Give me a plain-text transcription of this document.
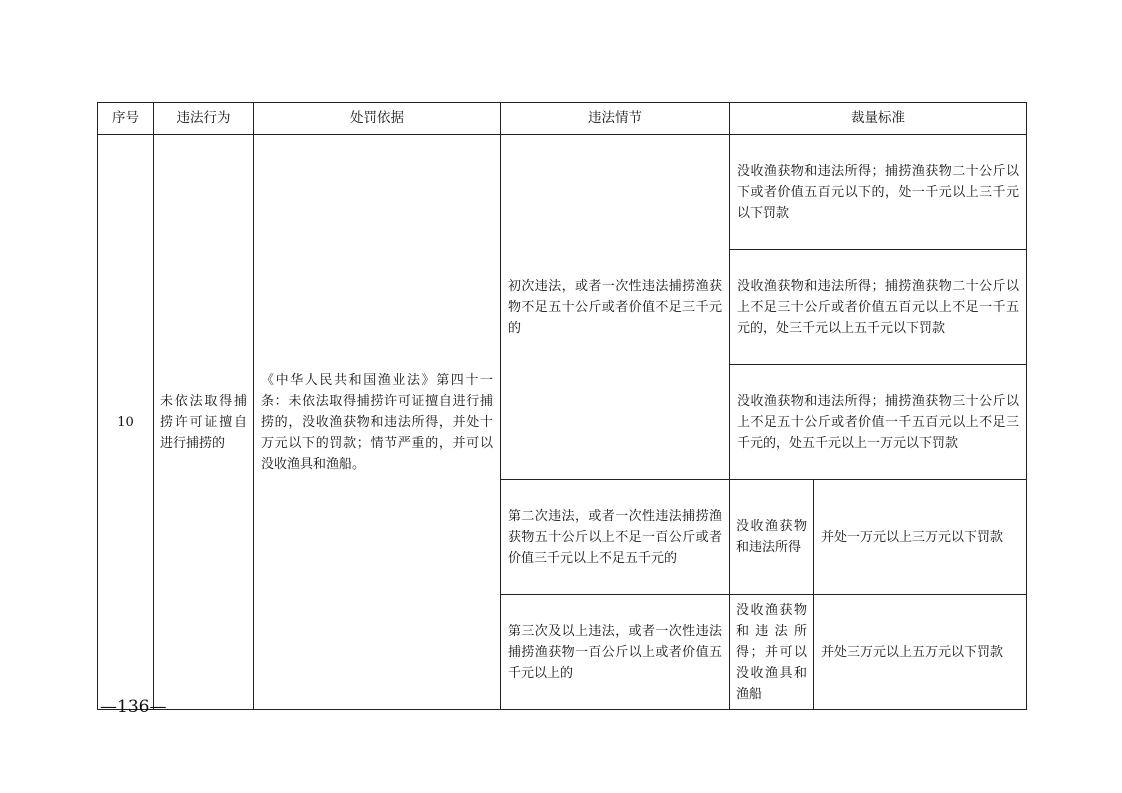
序号	违法行为	处罚依据	违法情节	裁量标准	
10	未依法取得捕捞许可证擅自进行捕捞的	《中华人民共和国渔业法》第四十一条：未依法取得捕捞许可证擅自进行捕捞的，没收渔获物和违法所得，并处十万元以下的罚款；情节严重的，并可以没收渔具和渔船。	初次违法，或者一次性违法捕捞渔获物不足五十公斤或者价值不足三千元的	没收渔获物和违法所得；捕捞渔获物二十公斤以下或者价值五百元以下的，处一千元以上三千元以下罚款	
				没收渔获物和违法所得；捕捞渔获物二十公斤以上不足三十公斤或者价值五百元以上不足一千五元的，处三千元以上五千元以下罚款	
				没收渔获物和违法所得；捕捞渔获物三十公斤以上不足五十公斤或者价值一千五百元以上不足三千元的，处五千元以上一万元以下罚款	
			第二次违法，或者一次性违法捕捞渔获物五十公斤以上不足一百公斤或者价值三千元以上不足五千元的	没收渔获物和违法所得	并处一万元以上三万元以下罚款
			第三次及以上违法，或者一次性违法捕捞渔获物一百公斤以上或者价值五千元以上的	没收渔获物和违法所得；并可以没收渔具和渔船	并处三万元以上五万元以下罚款
—136—
